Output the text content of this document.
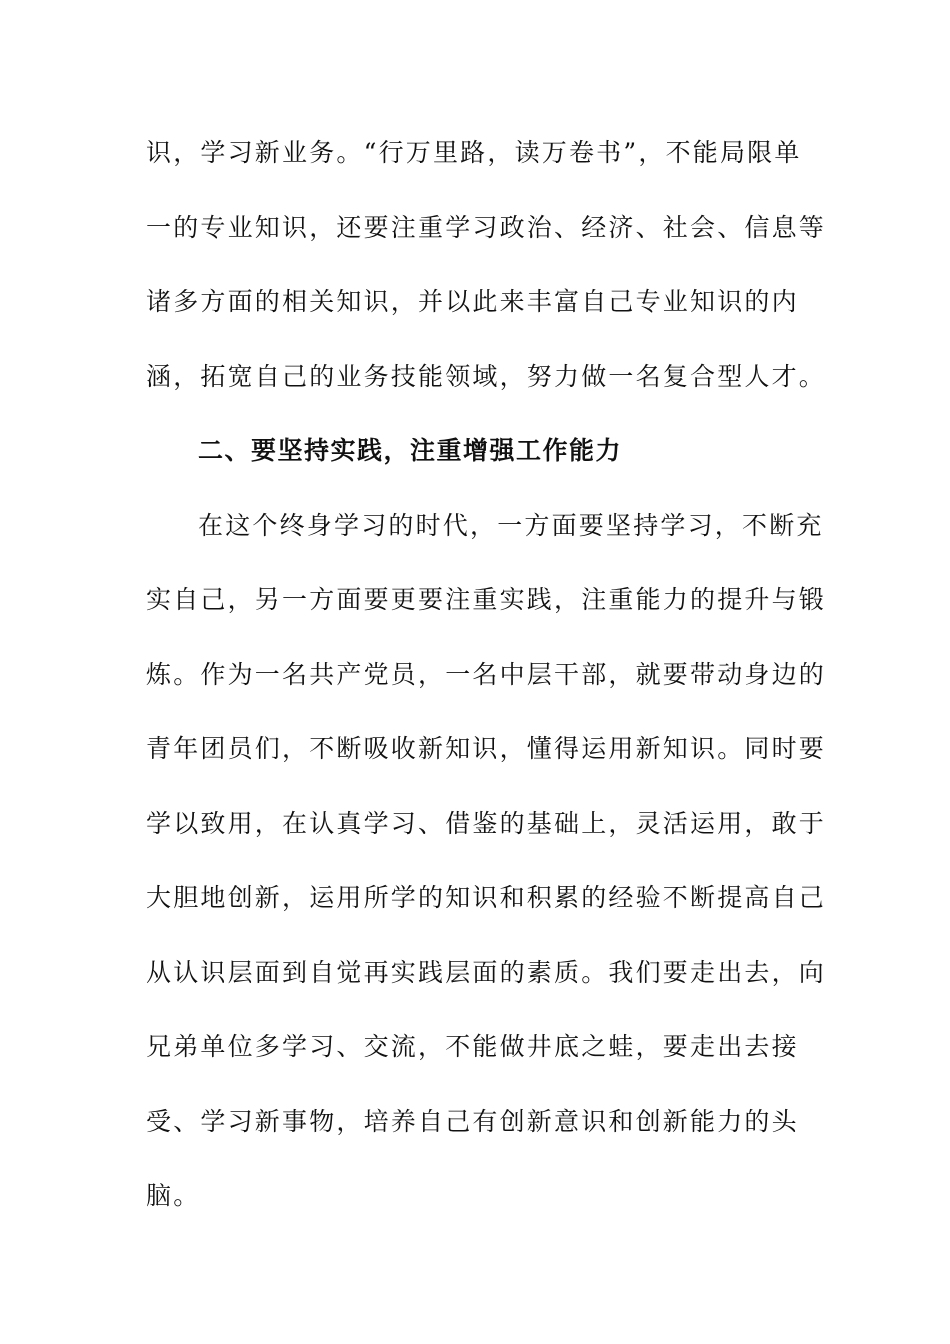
识，学习新业务。“行万里路，读万卷书”，不能局限单
一的专业知识，还要注重学习政治、经济、社会、信息等
诸多方面的相关知识，并以此来丰富自己专业知识的内
涵，拓宽自己的业务技能领域，努力做一名复合型人才。
二、要坚持实践，注重增强工作能力
在这个终身学习的时代，一方面要坚持学习，不断充
实自己，另一方面要更要注重实践，注重能力的提升与锻
炼。作为一名共产党员，一名中层干部，就要带动身边的
青年团员们，不断吸收新知识，懂得运用新知识。同时要
学以致用，在认真学习、借鉴的基础上，灵活运用，敢于
大胆地创新，运用所学的知识和积累的经验不断提高自己
从认识层面到自觉再实践层面的素质。我们要走出去，向
兄弟单位多学习、交流，不能做井底之蛙，要走出去接
受、学习新事物，培养自己有创新意识和创新能力的头
脑。
